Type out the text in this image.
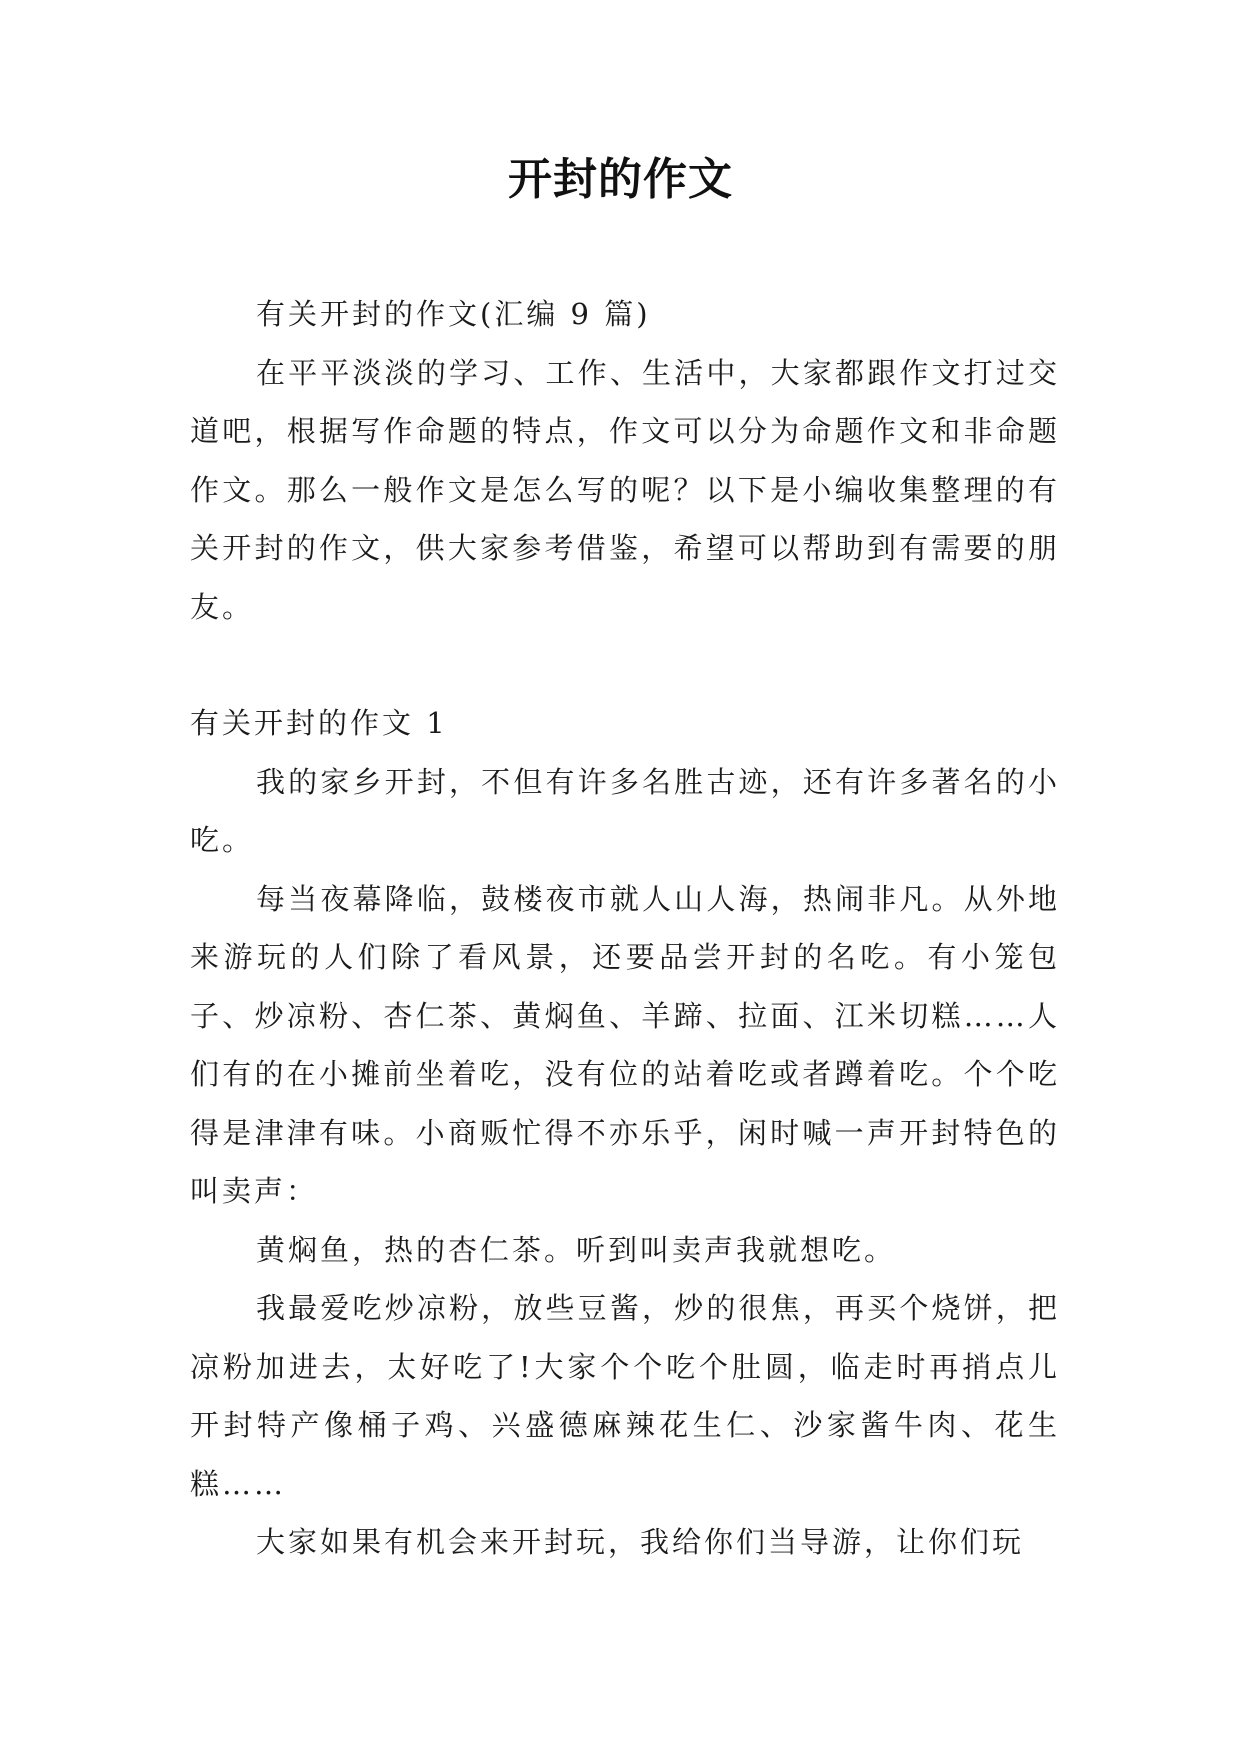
开封的作文

有关开封的作文(汇编 9 篇)

在平平淡淡的学习、工作、生活中，大家都跟作文打过交道吧，根据写作命题的特点，作文可以分为命题作文和非命题作文。那么一般作文是怎么写的呢？以下是小编收集整理的有关开封的作文，供大家参考借鉴，希望可以帮助到有需要的朋友。

有关开封的作文 1

我的家乡开封，不但有许多名胜古迹，还有许多著名的小吃。

每当夜幕降临，鼓楼夜市就人山人海，热闹非凡。从外地来游玩的人们除了看风景，还要品尝开封的名吃。有小笼包子、炒凉粉、杏仁茶、黄焖鱼、羊蹄、拉面、江米切糕……人们有的在小摊前坐着吃，没有位的站着吃或者蹲着吃。个个吃得是津津有味。小商贩忙得不亦乐乎，闲时喊一声开封特色的叫卖声：

黄焖鱼，热的杏仁茶。听到叫卖声我就想吃。

我最爱吃炒凉粉，放些豆酱，炒的很焦，再买个烧饼，把凉粉加进去，太好吃了!大家个个吃个肚圆，临走时再捎点儿开封特产像桶子鸡、兴盛德麻辣花生仁、沙家酱牛肉、花生糕……

大家如果有机会来开封玩，我给你们当导游，让你们玩
